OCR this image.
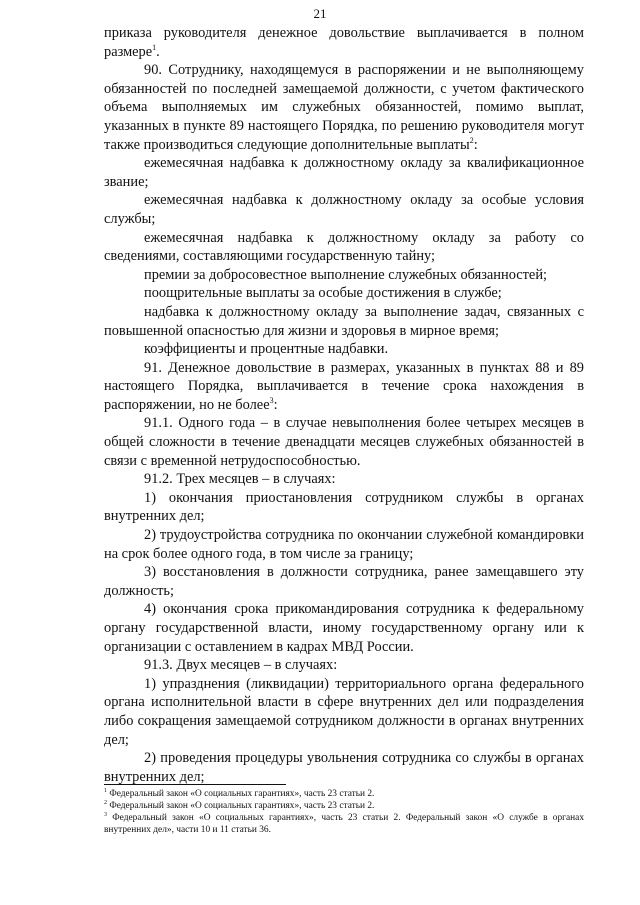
21

приказа руководителя денежное довольствие выплачивается в полном размере$^1$.

90. Сотруднику, находящемуся в распоряжении и не выполняющему обязанностей по последней замещаемой должности, с учетом фактического объема выполняемых им служебных обязанностей, помимо выплат, указанных в пункте 89 настоящего Порядка, по решению руководителя могут также производиться следующие дополнительные выплаты$^2$:

ежемесячная надбавка к должностному окладу за квалификационное звание;

ежемесячная надбавка к должностному окладу за особые условия службы;

ежемесячная надбавка к должностному окладу за работу со сведениями, составляющими государственную тайну;

премии за добросовестное выполнение служебных обязанностей;

поощрительные выплаты за особые достижения в службе;

надбавка к должностному окладу за выполнение задач, связанных с повышенной опасностью для жизни и здоровья в мирное время;

коэффициенты и процентные надбавки.

91. Денежное довольствие в размерах, указанных в пунктах 88 и 89 настоящего Порядка, выплачивается в течение срока нахождения в распоряжении, но не более$^3$:

91.1. Одного года – в случае невыполнения более четырех месяцев в общей сложности в течение двенадцати месяцев служебных обязанностей в связи с временной нетрудоспособностью.

91.2. Трех месяцев – в случаях:

1) окончания приостановления сотрудником службы в органах внутренних дел;

2) трудоустройства сотрудника по окончании служебной командировки на срок более одного года, в том числе за границу;

3) восстановления в должности сотрудника, ранее замещавшего эту должность;

4) окончания срока прикомандирования сотрудника к федеральному органу государственной власти, иному государственному органу или к организации с оставлением в кадрах МВД России.

91.3. Двух месяцев – в случаях:

1) упразднения (ликвидации) территориального органа федерального органа исполнительной власти в сфере внутренних дел или подразделения либо сокращения замещаемой сотрудником должности в органах внутренних дел;

2) проведения процедуры увольнения сотрудника со службы в органах внутренних дел;

$^1$ Федеральный закон «О социальных гарантиях», часть 23 статьи 2.

$^2$ Федеральный закон «О социальных гарантиях», часть 23 статьи 2.

$^3$ Федеральный закон «О социальных гарантиях», часть 23 статьи 2. Федеральный закон «О службе в органах внутренних дел», части 10 и 11 статьи 36.
